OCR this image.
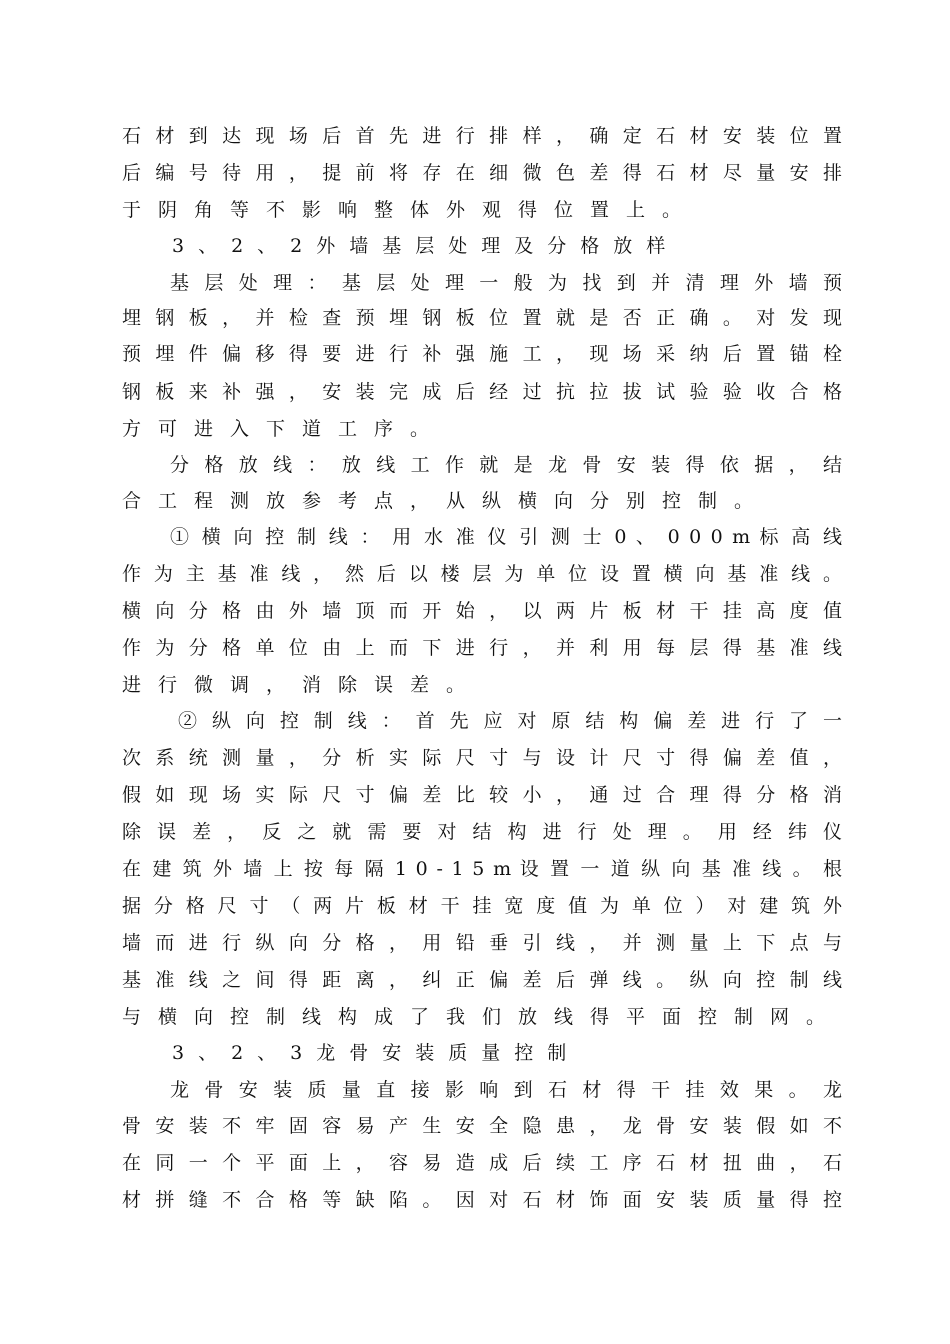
石 材 到 达 现 场 后 首 先 进 行 排 样 ， 确 定 石 材 安 装 位 置
后 编 号 待 用 ， 提 前 将 存 在 细 微 色 差 得 石 材 尽 量 安 排
于阴角等不影响整体外观得位置上。
3、2、2外墙基层处理及分格放样
基 层 处 理 ： 基 层 处 理 一 般 为 找 到 并 清 理 外 墙 预
埋 钢 板 ， 并 检 查 预 埋 钢 板 位 置 就 是 否 正 确 。 对 发 现
预 埋 件 偏 移 得 要 进 行 补 强 施 工 ， 现 场 采 纳 后 置 锚 栓
钢 板 来 补 强 ， 安 装 完 成 后 经 过 抗 拉 拔 试 验 验 收 合 格
方可进入下道工序。
分 格 放 线 ： 放 线 工 作 就 是 龙 骨 安 装 得 依 据 ， 结
合工程测放参考点，从纵横向分别控制。
① 横 向 控 制 线 ： 用 水 准 仪 引 测 士 0 、 0 0 0 m 标 高 线
作 为 主 基 准 线 ， 然 后 以 楼 层 为 单 位 设 置 横 向 基 准 线 。
横 向 分 格 由 外 墙 顶 而 开 始 ， 以 两 片 板 材 干 挂 高 度 值
作 为 分 格 单 位 由 上 而 下 进 行 ， 并 利 用 每 层 得 基 准 线
进行微调，消除误差。
② 纵 向 控 制 线 ： 首 先 应 对 原 结 构 偏 差 进 行 了 一
次 系 统 测 量 ， 分 析 实 际 尺 寸 与 设 计 尺 寸 得 偏 差 值 ，
假 如 现 场 实 际 尺 寸 偏 差 比 较 小 ， 通 过 合 理 得 分 格 消
除 误 差 ， 反 之 就 需 要 对 结 构 进 行 处 理 。 用 经 纬 仪
在 建 筑 外 墙 上 按 每 隔 1 0 - 1 5 m 设 置 一 道 纵 向 基 准 线 。 根
据 分 格 尺 寸 （ 两 片 板 材 干 挂 宽 度 值 为 单 位 ） 对 建 筑 外
墙 而 进 行 纵 向 分 格 ， 用 铅 垂 引 线 ， 并 测 量 上 下 点 与
基 准 线 之 间 得 距 离 ， 纠 正 偏 差 后 弹 线 。 纵 向 控 制 线
与横向控制线构成了我们放线得平面控制网。
3、2、3龙骨安装质量控制
龙 骨 安 装 质 量 直 接 影 响 到 石 材 得 干 挂 效 果 。 龙
骨 安 装 不 牢 固 容 易 产 生 安 全 隐 患 ， 龙 骨 安 装 假 如 不
在 同 一 个 平 面 上 ， 容 易 造 成 后 续 工 序 石 材 扭 曲 ， 石
材 拼 缝 不 合 格 等 缺 陷 。 因 对 石 材 饰 面 安 装 质 量 得 控
